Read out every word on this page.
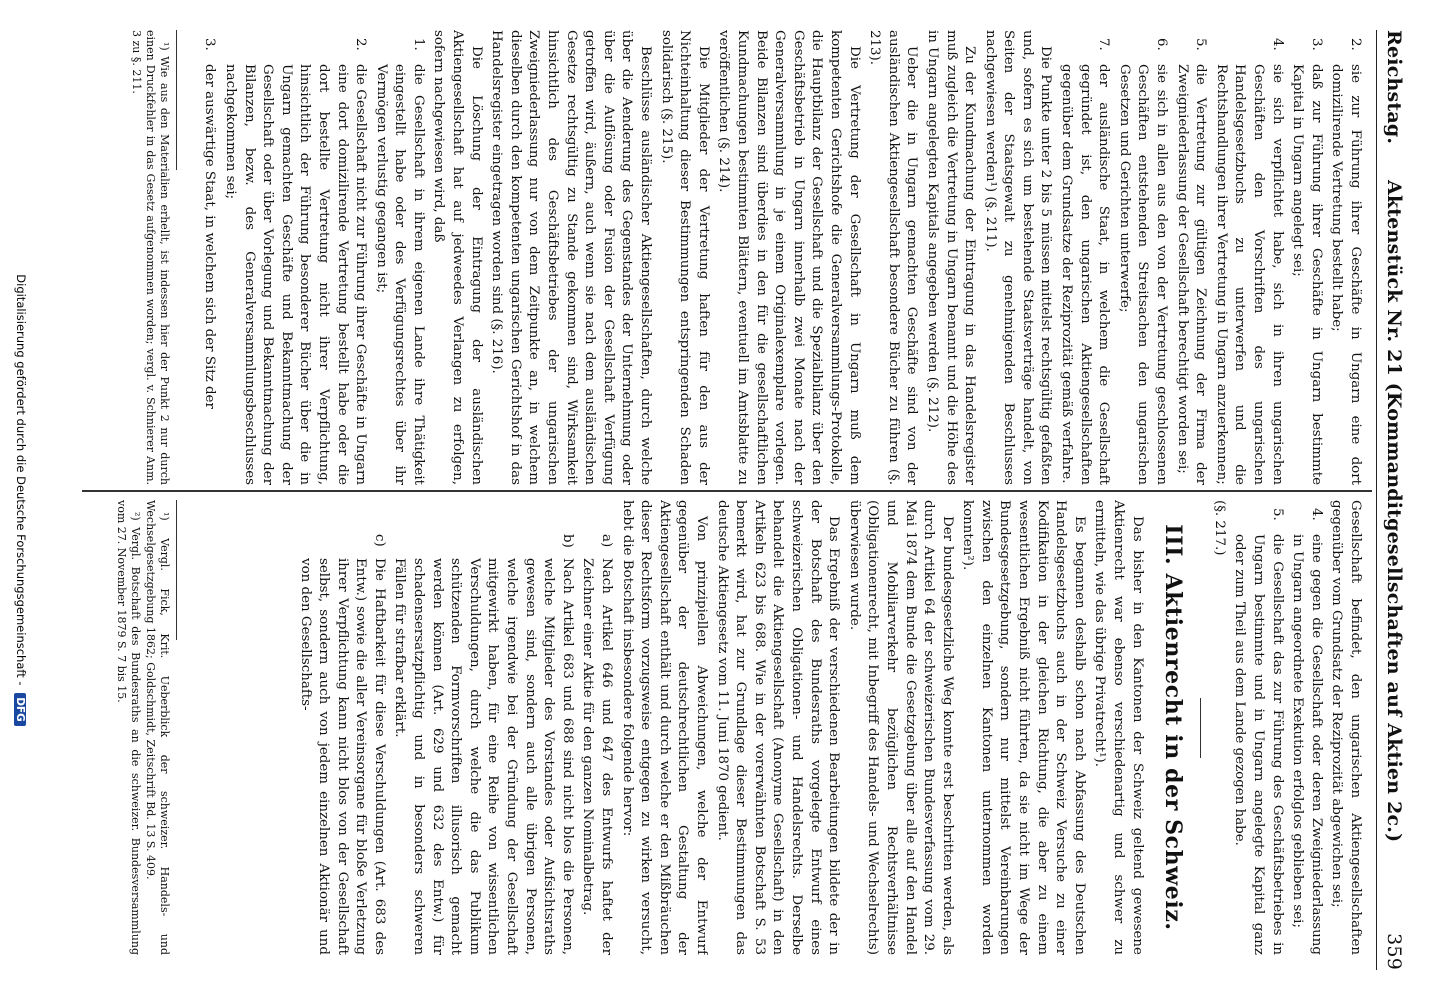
Reichstag.
Aktenstück Nr. 21 (Kommanditgesellschaften auf Aktien 2c.)
359
2.
sie zur Führung ihrer Geschäfte in Ungarn eine dort domizilirende Vertretung bestellt habe;
3.
daß zur Führung ihrer Geschäfte in Ungarn bestimmte Kapital in Ungarn angelegt sei;
4.
sie sich verpflichtet habe, sich in ihren ungarischen Geschäften den Vorschriften des ungarischen Handelsgesetzbuchs zu unterwerfen und die Rechtshandlungen ihrer Vertretung in Ungarn anzuerkennen;
5.
die Vertretung zur gültigen Zeichnung der Firma der Zweigniederlassung der Gesellschaft berechtigt worden sei;
6.
sie sich in allen aus den von der Vertretung geschlossenen Geschäften entstehenden Streitsachen den ungarischen Gesetzen und Gerichten unterwerfe;
7.
der ausländische Staat, in welchem die Gesellschaft gegründet ist, den ungarischen Aktiengesellschaften gegenüber dem Grundsatze der Reziprozität gemäß verfahre.

Die Punkte unter 2 bis 5 müssen mittelst rechtsgültig gefaßten und, sofern es sich um bestehende Staatsverträge handelt, von Seiten der Staatsgewalt zu genehmigenden Beschlusses nachgewiesen werden¹) (§. 211).

Zu der Kundmachung der Eintragung in das Handelsregister muß zugleich die Vertretung in Ungarn benannt und die Höhe des in Ungarn angelegten Kapitals angegeben werden (§. 212).

Ueber die in Ungarn gemachten Geschäfte sind von der ausländischen Aktiengesellschaft besondere Bücher zu führen (§. 213).

Die Vertretung der Gesellschaft in Ungarn muß dem kompetenten Gerichtshofe die Generalversammlungs-Protokolle, die Hauptbilanz der Gesellschaft und die Spezialbilanz über den Geschäftsbetrieb in Ungarn innerhalb zwei Monate nach der Generalversammlung in je einem Originalexemplare vorlegen. Beide Bilanzen sind überdies in den für die gesellschaftlichen Kundmachungen bestimmten Blättern, eventuell im Amtsblatte zu veröffentlichen (§. 214).

Die Mitglieder der Vertretung haften für den aus der Nichteinhaltung dieser Bestimmungen entspringenden Schaden solidarisch (§. 215).

Beschlüsse ausländischer Aktiengesellschaften, durch welche über die Aenderung des Gegenstandes der Unternehmung oder über die Auflösung oder Fusion der Gesellschaft Verfügung getroffen wird, äußern, auch wenn sie nach dem ausländischen Gesetze rechtsgültig zu Stande gekommen sind, Wirksamkeit hinsichtlich des Geschäftsbetriebes der ungarischen Zweigniederlassung nur von dem Zeitpunkte an, in welchem dieselben durch den kompetenten ungarischen Gerichtshof in das Handelsregister eingetragen worden sind (§. 216).

Die Löschung der Eintragung der ausländischen Aktiengesellschaft hat auf jedweedes Verlangen zu erfolgen, sofern nachgewiesen wird, daß

1.
die Gesellschaft in ihrem eigenen Lande ihre Thätigkeit eingestellt habe oder des Verfügungsrechtes über ihr Vermögen verlustig gegangen ist;
2.
die Gesellschaft nicht zur Führung ihrer Geschäfte in Ungarn eine dort domizilirende Vertretung bestellt habe oder die dort bestellte Vertretung nicht ihrer Verpflichtung, hinsichtlich der Führung besonderer Bücher über die in Ungarn gemachten Geschäfte und Bekanntmachung der Gesellschaft oder über Vorlegung und Bekanntmachung der Bilanzen, bezw. des Generalversammlungsbeschlusses nachgekommen sei;
3.
der auswärtige Staat, in welchem sich der Sitz der

¹) Wie aus den Materialien erhellt, ist indessen hier der Punkt 2 nur durch einen Druckfehler in das Gesetz aufgenommen worden; vergl. v. Schnierer Anm. 3 zu §. 211.

Gesellschaft befindet, den ungarischen Aktiengesellschaften gegenüber vom Grundsatz der Reziprozität abgewichen sei;

4.
eine gegen die Gesellschaft oder deren Zweigniederlassung in Ungarn angeordnete Exekution erfolglos geblieben sei;
5.
die Gesellschaft das zur Führung des Geschäftsbetriebes in Ungarn bestimmte und in Ungarn angelegte Kapital ganz oder zum Theil aus dem Lande gezogen habe.

(§. 217.)

III. Aktienrecht in der Schweiz.

Das bisher in den Kantonen der Schweiz geltend gewesene Aktienrecht war ebenso verschiedenartig und schwer zu ermitteln, wie das übrige Privatrecht¹).

Es begannen deshalb schon nach Abfassung des Deutschen Handelsgesetzbuchs auch in der Schweiz Versuche zu einer Kodifikation in der gleichen Richtung, die aber zu einem wesentlichen Ergebniß nicht führten, da sie nicht im Wege der Bundesgesetzgebung, sondern nur mittelst Vereinbarungen zwischen den einzelnen Kantonen unternommen worden konnten²).

Der bundesgesetzliche Weg konnte erst beschritten werden, als durch Artikel 64 der schweizerischen Bundesverfassung vom 29. Mai 1874 dem Bunde die Gesetzgebung über alle auf den Handel und Mobiliarverkehr bezüglichen Rechtsverhältnisse (Obligationenrecht, mit Inbegriff des Handels- und Wechselrechts) überwiesen wurde.

Das Ergebniß der verschiedenen Bearbeitungen bildete der in der Botschaft des Bundesraths vorgelegte Entwurf eines schweizerischen Obligationen- und Handelsrechts. Derselbe behandelt die Aktiengesellschaft (Anonyme Gesellschaft) in den Artikeln 623 bis 688. Wie in der vorerwähnten Botschaft S. 53 bemerkt wird, hat zur Grundlage dieser Bestimmungen das deutsche Aktiengesetz vom 11. Juni 1870 gedient.

Von prinzipiellen Abweichungen, welche der Entwurf gegenüber der deutschrechtlichen Gestaltung der Aktiengesellschaft enthält und durch welche er den Mißbräuchen dieser Rechtsform vorzugsweise entgegen zu wirken versucht, hebt die Botschaft insbesondere folgende hervor:

a)
Nach Artikel 646 und 647 des Entwurfs haftet der Zeichner einer Aktie für den ganzen Nominalbetrag.
b)
Nach Artikel 683 und 688 sind nicht blos die Personen, welche Mitglieder des Vorstandes oder Aufsichtsraths gewesen sind, sondern auch alle übrigen Personen, welche irgendwie bei der Gründung der Gesellschaft mitgewirkt haben, für eine Reihe von wissentlichen Verschuldungen, durch welche die das Publikum schützenden Formvorschriften illusorisch gemacht werden können (Art. 629 und 632 des Entw.) für schadensersatzpflichtig und in besonders schweren Fällen für strafbar erklärt.
c)
Die Haftbarkeit für diese Verschuldungen (Art. 683 des Entw.) sowie die aller Vereinsorgane für bloße Verletzung ihrer Verpflichtung kann nicht blos von der Gesellschaft selbst, sondern auch von jedem einzelnen Aktionär und von den Gesellschafts-

¹) Vergl. Fick, Krit. Ueberblick der schweizer. Handels- und Wechselgesetzgebung 1862; Goldschmidt, Zeitschrift Bd. 13 S. 409.

²) Vergl. Botschaft des Bundesraths an die schweizer. Bundesversammlung vom 27. November 1879 S. 7 bis 15.

Digitalisierung gefördert durch die Deutsche Forschungsgemeinschaft - DFG
